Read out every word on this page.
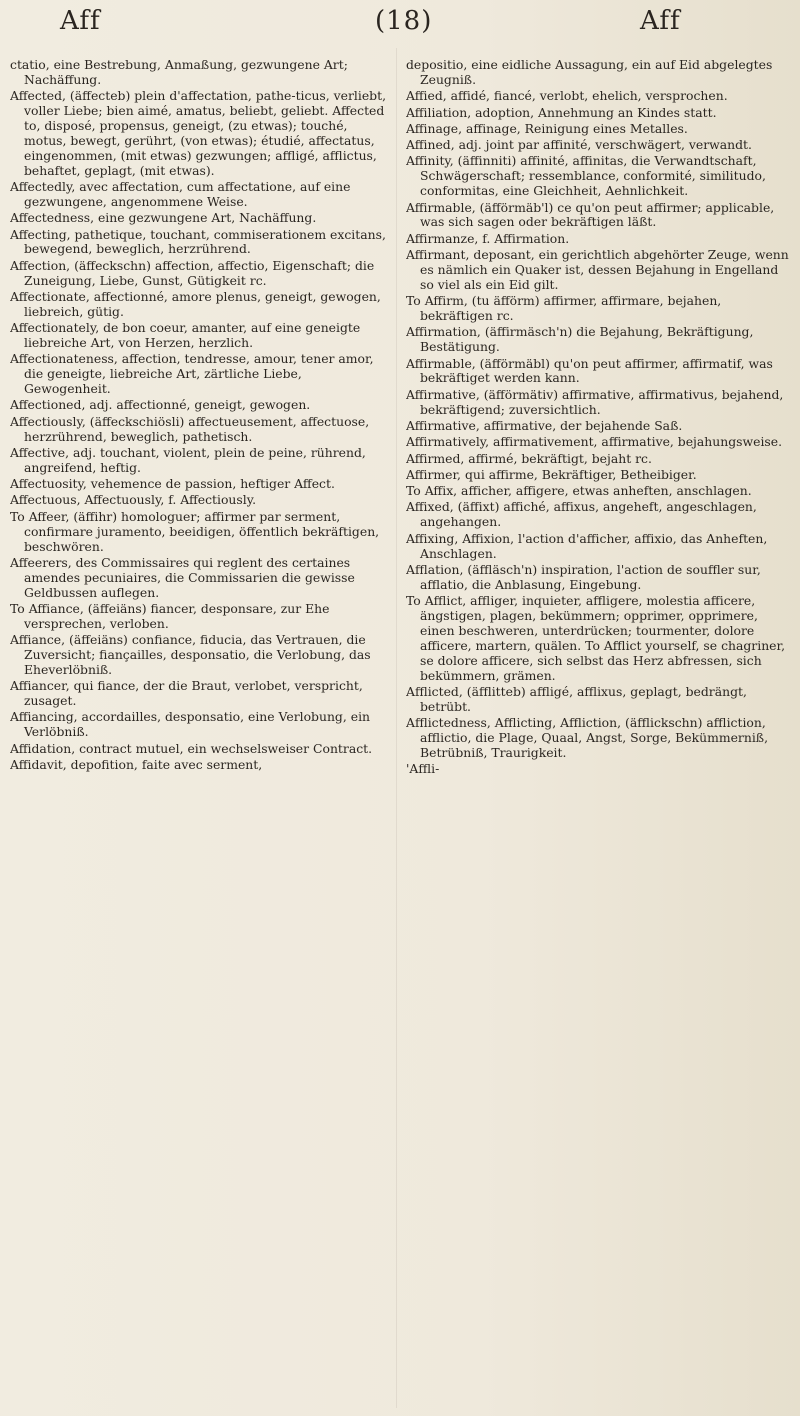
Aff	(18)	Aff

ctatio, eine Bestrebung, Anmaßung, gezwungene Art; Nachäffung.

Affected, (äffecteb) plein d'affectation, pathe-ticus, verliebt, voller Liebe; bien aimé, amatus, beliebt, geliebt. Affected to, disposé, propensus, geneigt, (zu etwas); touché, motus, bewegt, gerührt, (von etwas); étudié, affectatus, eingenommen, (mit etwas) gezwungen; affligé, afflictus, behaftet, geplagt, (mit etwas).

Affectedly, avec affectation, cum affectatione, auf eine gezwungene, angenommene Weise.

Affectedness, eine gezwungene Art, Nachäffung.

Affecting, pathetique, touchant, commiserationem excitans, bewegend, beweglich, herzrührend.

Affection, (äffeckschn) affection, affectio, Eigenschaft; die Zuneigung, Liebe, Gunst, Gütigkeit rc.

Affectionate, affectionné, amore plenus, geneigt, gewogen, liebreich, gütig.

Affectionately, de bon coeur, amanter, auf eine geneigte liebreiche Art, von Herzen, herzlich.

Affectionateness, affection, tendresse, amour, tener amor, die geneigte, liebreiche Art, zärtliche Liebe, Gewogenheit.

Affectioned, adj. affectionné, geneigt, gewogen.

Affectiously, (äffeckschiösli) affectueusement, affectuose, herzrührend, beweglich, pathetisch.

Affective, adj. touchant, violent, plein de peine, rührend, angreifend, heftig.

Affectuosity, vehemence de passion, heftiger Affect.

Affectuous, Affectuously, f. Affectiously.

To Affeer, (äffihr) homologuer; affirmer par serment, confirmare juramento, beeidigen, öffentlich bekräftigen, beschwören.

Affeerers, des Commissaires qui reglent des certaines amendes pecuniaires, die Commissarien die gewisse Geldbussen auflegen.

To Affiance, (äffeiäns) fiancer, desponsare, zur Ehe versprechen, verloben.

Affiance, (äffeiäns) confiance, fiducia, das Vertrauen, die Zuversicht; fiançailles, desponsatio, die Verlobung, das Eheverlöbniß.

Affiancer, qui fiance, der die Braut, verlobet, verspricht, zusaget.

Affiancing, accordailles, desponsatio, eine Verlobung, ein Verlöbniß.

Affidation, contract mutuel, ein wechselsweiser Contract.

Affidavit, depofition, faite avec serment,

depositio, eine eidliche Aussagung, ein auf Eid abgelegtes Zeugniß.

Affied, affidé, fiancé, verlobt, ehelich, versprochen.

Affiliation, adoption, Annehmung an Kindes statt.

Affinage, affinage, Reinigung eines Metalles.

Affined, adj. joint par affinité, verschwägert, verwandt.

Affinity, (äffinniti) affinité, affinitas, die Verwandtschaft, Schwägerschaft; ressemblance, conformité, similitudo, conformitas, eine Gleichheit, Aehnlichkeit.

Affirmable, (äfförmäb'l) ce qu'on peut affirmer; applicable, was sich sagen oder bekräftigen läßt.

Affirmanze, f. Affirmation.

Affirmant, deposant, ein gerichtlich abgehörter Zeuge, wenn es nämlich ein Quaker ist, dessen Bejahung in Engelland so viel als ein Eid gilt.

To Affirm, (tu äfförm) affirmer, affirmare, bejahen, bekräftigen rc.

Affirmation, (äffirmäsch'n) die Bejahung, Bekräftigung, Bestätigung.

Affirmable, (äfförmäbl) qu'on peut affirmer, affirmatif, was bekräftiget werden kann.

Affirmative, (äfförmätiv) affirmative, affirmativus, bejahend, bekräftigend; zuversichtlich.

Affirmative, affirmative, der bejahende Saß.

Affirmatively, affirmativement, affirmative, bejahungsweise.

Affirmed, affirmé, bekräftigt, bejaht rc.

Affirmer, qui affirme, Bekräftiger, Betheibiger.

To Affix, afficher, affigere, etwas anheften, anschlagen.

Affixed, (äffixt) affiché, affixus, angeheft, angeschlagen, angehangen.

Affixing, Affixion, l'action d'afficher, affixio, das Anheften, Anschlagen.

Afflation, (äffläsch'n) inspiration, l'action de souffler sur, afflatio, die Anblasung, Eingebung.

To Afflict, affliger, inquieter, affligere, molestia afficere, ängstigen, plagen, bekümmern; opprimer, opprimere, einen beschweren, unterdrücken; tourmenter, dolore afficere, martern, quälen. To Afflict yourself, se chagriner, se dolore afficere, sich selbst das Herz abfressen, sich bekümmern, grämen.

Afflicted, (äfflitteb) affligé, afflixus, geplagt, bedrängt, betrübt.

Afflictedness, Afflicting, Affliction, (äfflickschn) affliction, afflictio, die Plage, Quaal, Angst, Sorge, Bekümmerniß, Betrübniß, Traurigkeit.

'Affli-
